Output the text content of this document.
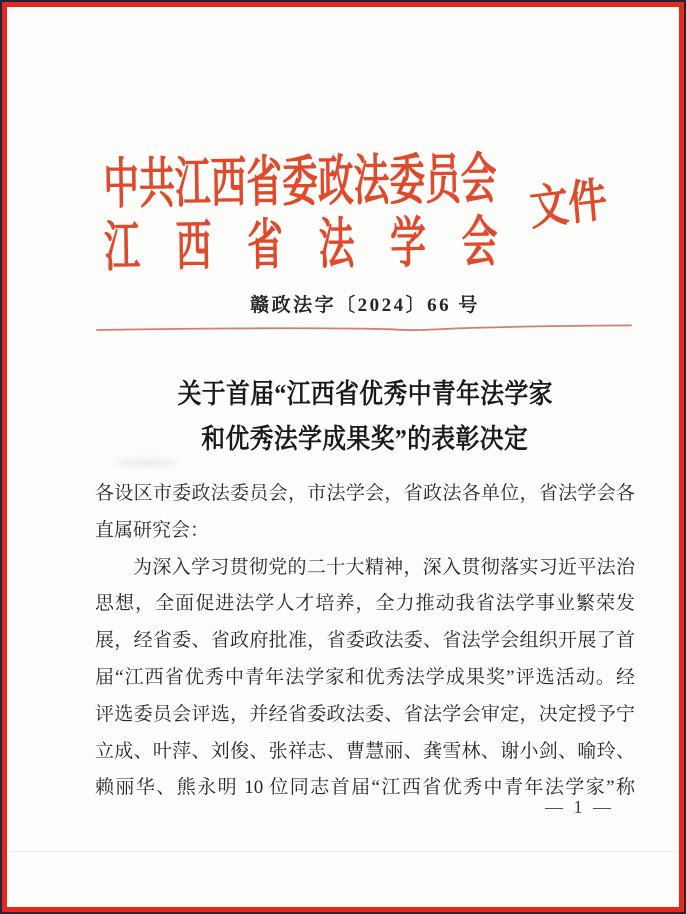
中共江西省委政法委员会
江西省法学会
文件
赣政法字〔2024〕66 号
关于首届“江西省优秀中青年法学家
和优秀法学成果奖”的表彰决定
各设区市委政法委员会，市法学会，省政法各单位，省法学会各
直属研究会：
为深入学习贯彻党的二十大精神，深入贯彻落实习近平法治
思想，全面促进法学人才培养，全力推动我省法学事业繁荣发
展，经省委、省政府批准，省委政法委、省法学会组织开展了首
届“江西省优秀中青年法学家和优秀法学成果奖”评选活动。经
评选委员会评选，并经省委政法委、省法学会审定，决定授予宁
立成、叶萍、刘俊、张祥志、曹慧丽、龚雪林、谢小剑、喻玲、
赖丽华、熊永明 10 位同志首届“江西省优秀中青年法学家”称
— 1 —
